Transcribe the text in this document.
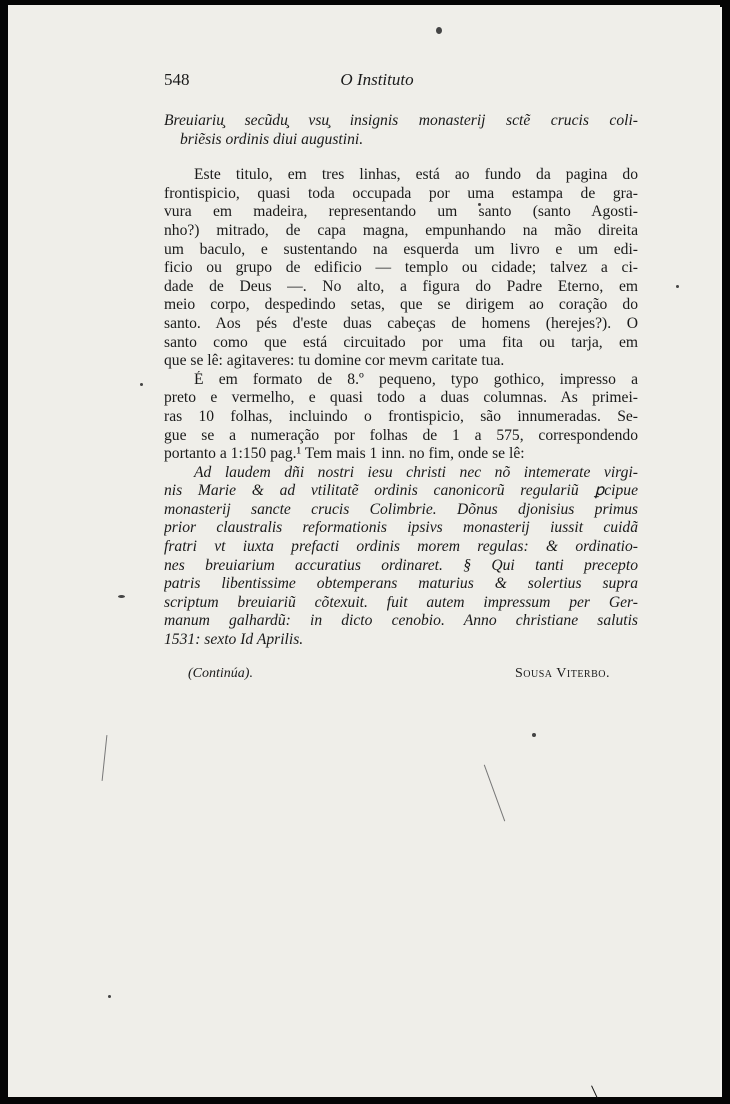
548	O Instituto
Breuiariu̧ secũdu̧ vsu̧ insignis monasterij sctẽ crucis coli-
briẽsis ordinis diui augustini.
Este titulo, em tres linhas, está ao fundo da pagina do
frontispicio, quasi toda occupada por uma estampa de gra-
vura em madeira, representando um santo (santo Agosti-
nho?) mitrado, de capa magna, empunhando na mão direita
um baculo, e sustentando na esquerda um livro e um edi-
ficio ou grupo de edificio — templo ou cidade; talvez a ci-
dade de Deus —. No alto, a figura do Padre Eterno, em
meio corpo, despedindo setas, que se dirigem ao coração do
santo. Aos pés d'este duas cabeças de homens (herejes?). O
santo como que está circuitado por uma fita ou tarja, em
que se lê: agitaveres: tu domine cor mevm caritate tua.
É em formato de 8.º pequeno, typo gothico, impresso a
preto e vermelho, e quasi todo a duas columnas. As primei-
ras 10 folhas, incluindo o frontispicio, são innumeradas. Se-
gue se a numeração por folhas de 1 a 575, correspondendo
portanto a 1:150 pag.¹ Tem mais 1 inn. no fim, onde se lê:
Ad laudem dñi nostri iesu christi nec nõ intemerate virgi-
nis Marie & ad vtilitatẽ ordinis canonicorũ regulariũ ꝑcipue
monasterij sancte crucis Colimbrie. Dõnus djonisius primus
prior claustralis reformationis ipsivs monasterij iussit cuidã
fratri vt iuxta prefacti ordinis morem regulas: & ordinatio-
nes breuiarium accuratius ordinaret. § Qui tanti precepto
patris libentissime obtemperans maturius & solertius supra
scriptum breuiariũ cõtexuit. fuit autem impressum per Ger-
manum galhardũ: in dicto cenobio. Anno christiane salutis
1531: sexto Id Aprilis.
(Continúa).	Sousa Viterbo.
